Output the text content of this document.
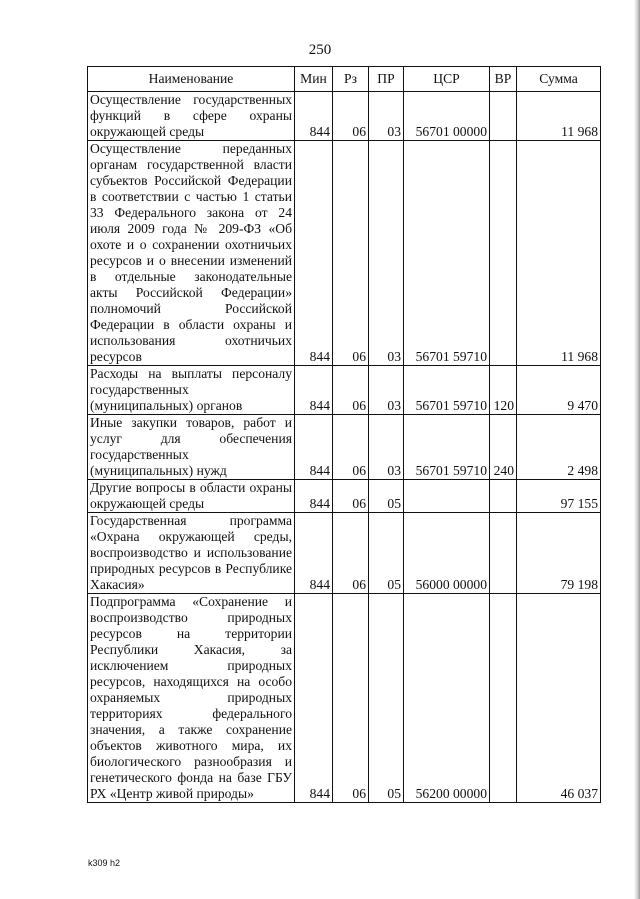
250
Наименование	Мин	Рз	ПР	ЦСР	ВР	Сумма
Осуществление государственных функций в сфере охраны окружающей среды	844	06	03	56701 00000		11 968
Осуществление переданных органам государственной власти субъектов Российской Федерации в соответствии с частью 1 статьи 33 Федерального закона от 24 июля 2009 года № 209-ФЗ «Об охоте и о сохранении охотничьих ресурсов и о внесении изменений в отдельные законодательные акты Российской Федерации» полномочий Российской Федерации в области охраны и использования охотничьих ресурсов	844	06	03	56701 59710		11 968
Расходы на выплаты персоналу государственных (муниципальных) органов	844	06	03	56701 59710	120	9 470
Иные закупки товаров, работ и услуг для обеспечения государственных (муниципальных) нужд	844	06	03	56701 59710	240	2 498
Другие вопросы в области охраны окружающей среды	844	06	05			97 155
Государственная программа «Охрана окружающей среды, воспроизводство и использование природных ресурсов в Республике Хакасия»	844	06	05	56000 00000		79 198
Подпрограмма «Сохранение и воспроизводство природных ресурсов на территории Республики Хакасия, за исключением природных ресурсов, находящихся на особо охраняемых природных территориях федерального значения, а также сохранение объектов животного мира, их биологического разнообразия и генетического фонда на базе ГБУ РХ «Центр живой природы»	844	06	05	56200 00000		46 037
k309 h2
